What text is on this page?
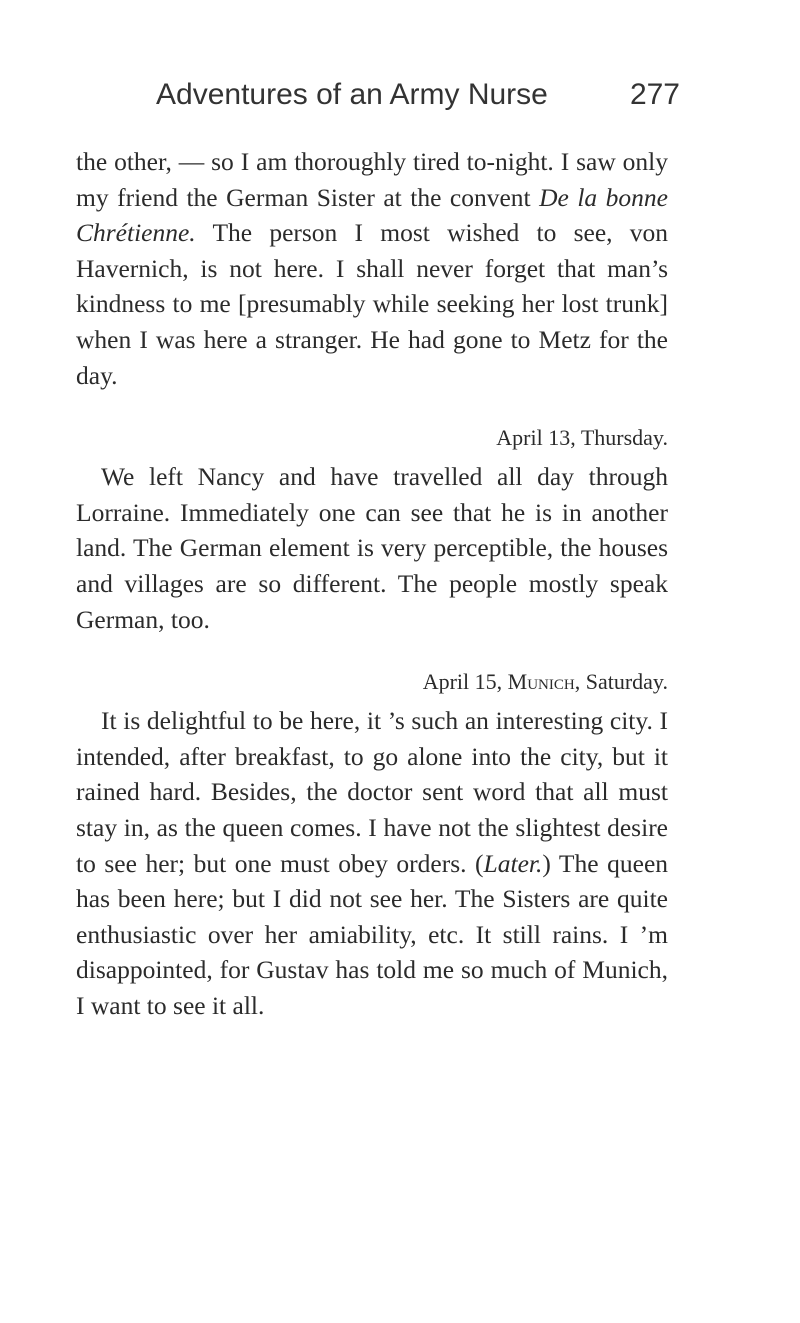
Adventures of an Army Nurse	277

the other, — so I am thoroughly tired to-night. I saw only my friend the German Sister at the convent De la bonne Chrétienne. The person I most wished to see, von Havernich, is not here. I shall never forget that man’s kindness to me [presumably while seeking her lost trunk] when I was here a stranger. He had gone to Metz for the day.

April 13, Thursday.

We left Nancy and have travelled all day through Lorraine. Immediately one can see that he is in another land. The German element is very perceptible, the houses and villages are so different. The people mostly speak German, too.

April 15, Munich, Saturday.

It is delightful to be here, it ’s such an interesting city. I intended, after breakfast, to go alone into the city, but it rained hard. Besides, the doctor sent word that all must stay in, as the queen comes. I have not the slightest desire to see her; but one must obey orders. (Later.) The queen has been here; but I did not see her. The Sisters are quite enthusiastic over her amiability, etc. It still rains. I ’m disappointed, for Gustav has told me so much of Munich, I want to see it all.
